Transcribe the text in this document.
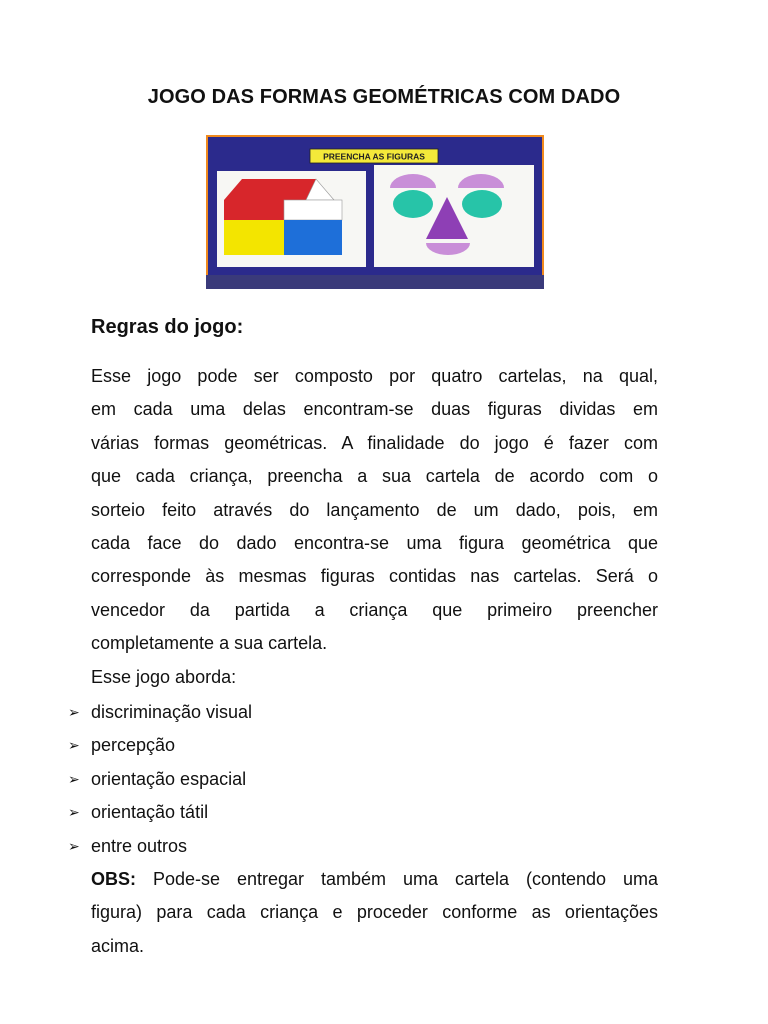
JOGO DAS FORMAS GEOMÉTRICAS COM DADO
PREENCHA AS FIGURAS
Regras do jogo:
Esse jogo pode ser composto por quatro cartelas, na qual,
em cada uma delas encontram-se duas figuras dividas em
várias formas geométricas. A finalidade do jogo é fazer com
que cada criança, preencha a sua cartela de acordo com o
sorteio feito através do lançamento de um dado, pois, em
cada face do dado encontra-se uma figura geométrica que
corresponde às mesmas figuras contidas nas cartelas. Será o
vencedor da partida a criança que primeiro preencher
completamente a sua cartela.
Esse jogo aborda:
➢ discriminação visual
➢ percepção
➢ orientação espacial
➢ orientação tátil
➢ entre outros
OBS: Pode-se entregar também uma cartela (contendo uma
figura) para cada criança e proceder conforme as orientações
acima.
